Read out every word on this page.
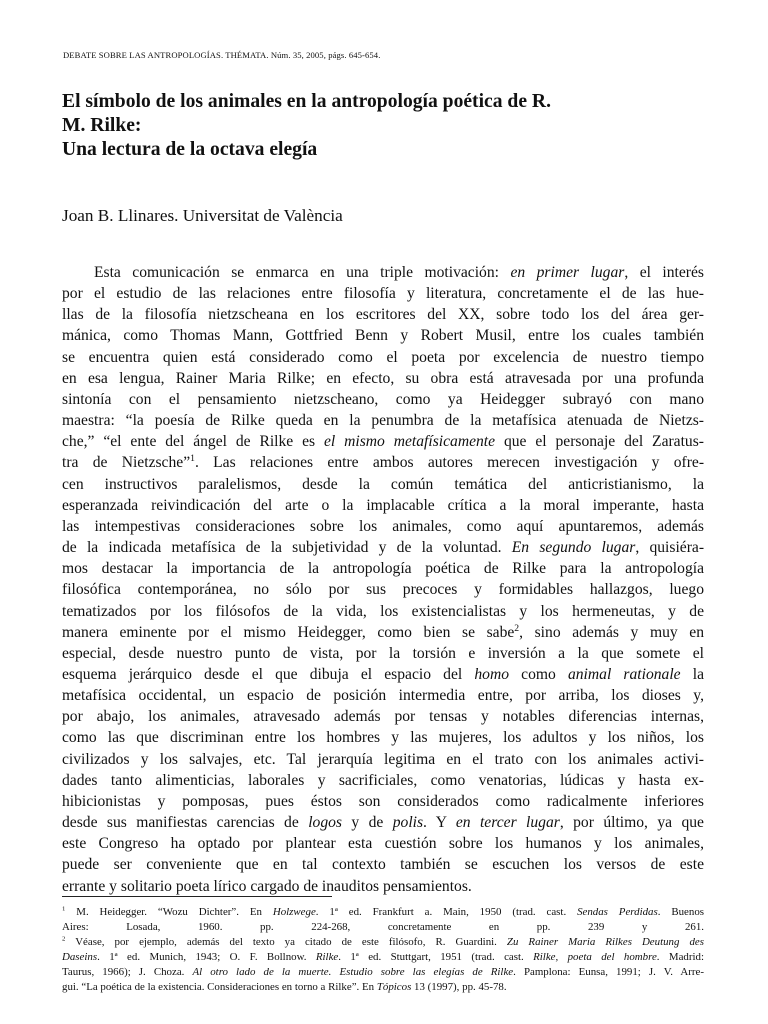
DEBATE SOBRE LAS ANTROPOLOGÍAS. THÉMATA. Núm. 35, 2005, págs. 645-654.
El símbolo de los animales en la antropología poética de R.
M. Rilke:
Una lectura de la octava elegía
Joan B. Llinares. Universitat de València

Esta comunicación se enmarca en una triple motivación: en primer lugar, el interés
por el estudio de las relaciones entre filosofía y literatura, concretamente el de las hue-
llas de la filosofía nietzscheana en los escritores del XX, sobre todo los del área ger-
mánica, como Thomas Mann, Gottfried Benn y Robert Musil, entre los cuales también
se encuentra quien está considerado como el poeta por excelencia de nuestro tiempo
en esa lengua, Rainer Maria Rilke; en efecto, su obra está atravesada por una profunda
sintonía con el pensamiento nietzscheano, como ya Heidegger subrayó con mano
maestra: “la poesía de Rilke queda en la penumbra de la metafísica atenuada de Nietzs-
che,” “el ente del ángel de Rilke es el mismo metafísicamente que el personaje del Zaratus-
tra de Nietzsche”$^1$. Las relaciones entre ambos autores merecen investigación y ofre-
cen instructivos paralelismos, desde la común temática del anticristianismo, la
esperanzada reivindicación del arte o la implacable crítica a la moral imperante, hasta
las intempestivas consideraciones sobre los animales, como aquí apuntaremos, además
de la indicada metafísica de la subjetividad y de la voluntad. En segundo lugar, quisiéra-
mos destacar la importancia de la antropología poética de Rilke para la antropología
filosófica contemporánea, no sólo por sus precoces y formidables hallazgos, luego
tematizados por los filósofos de la vida, los existencialistas y los hermeneutas, y de
manera eminente por el mismo Heidegger, como bien se sabe$^2$, sino además y muy en
especial, desde nuestro punto de vista, por la torsión e inversión a la que somete el
esquema jerárquico desde el que dibuja el espacio del homo como animal rationale la
metafísica occidental, un espacio de posición intermedia entre, por arriba, los dioses y,
por abajo, los animales, atravesado además por tensas y notables diferencias internas,
como las que discriminan entre los hombres y las mujeres, los adultos y los niños, los
civilizados y los salvajes, etc. Tal jerarquía legitima en el trato con los animales activi-
dades tanto alimenticias, laborales y sacrificiales, como venatorias, lúdicas y hasta ex-
hibicionistas y pomposas, pues éstos son considerados como radicalmente inferiores
desde sus manifiestas carencias de logos y de polis. Y en tercer lugar, por último, ya que
este Congreso ha optado por plantear esta cuestión sobre los humanos y los animales,
puede ser conveniente que en tal contexto también se escuchen los versos de este
errante y solitario poeta lírico cargado de inauditos pensamientos.

$^1$ M. Heidegger. “Wozu Dichter”. En Holzwege. 1ª ed. Frankfurt a. Main, 1950 (trad. cast. Sendas Perdidas. Buenos
Aires: Losada, 1960. pp. 224-268, concretamente en pp. 239 y 261.
$^2$ Véase, por ejemplo, además del texto ya citado de este filósofo, R. Guardini. Zu Rainer Maria Rilkes Deutung des
Daseins. 1ª ed. Munich, 1943; O. F. Bollnow. Rilke. 1ª ed. Stuttgart, 1951 (trad. cast. Rilke, poeta del hombre. Madrid:
Taurus, 1966); J. Choza. Al otro lado de la muerte. Estudio sobre las elegías de Rilke. Pamplona: Eunsa, 1991; J. V. Arre-
gui. “La poética de la existencia. Consideraciones en torno a Rilke”. En Tópicos 13 (1997), pp. 45-78.
